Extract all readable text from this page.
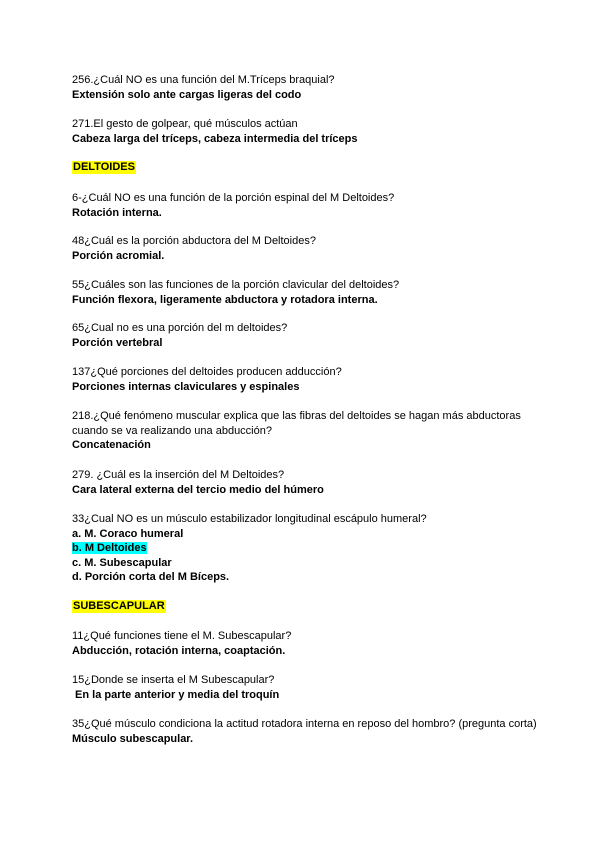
256.¿Cuál NO es una función del M.Tríceps braquial?
Extensión solo ante cargas ligeras del codo
271.El gesto de golpear, qué músculos actúan
Cabeza larga del tríceps, cabeza intermedia del tríceps
DELTOIDES
6-¿Cuál NO es una función de la porción espinal del M Deltoides?
Rotación interna.
48¿Cuál es la porción abductora del M Deltoides?
Porción acromial.
55¿Cuáles son las funciones de la porción clavicular del deltoides?
Función flexora, ligeramente abductora y rotadora interna.
65¿Cual no es una porción del m deltoides?
Porción vertebral
137¿Qué porciones del deltoides producen adducción?
Porciones internas claviculares y espinales
218.¿Qué fenómeno muscular explica que las fibras del deltoides se hagan más abductoras cuando se va realizando una abducción?
Concatenación
279. ¿Cuál es la inserción del M Deltoides?
Cara lateral externa del tercio medio del húmero
33¿Cual NO es un músculo estabilizador longitudinal escápulo humeral?
a. M. Coraco humeral
b. M Deltoides
c. M. Subescapular
d. Porción corta del M Bíceps.
SUBESCAPULAR
11¿Qué funciones tiene el M. Subescapular?
Abducción, rotación interna, coaptación.
15¿Donde se inserta el M Subescapular?
En la parte anterior y media del troquín
35¿Qué músculo condiciona la actitud rotadora interna en reposo del hombro? (pregunta corta)
Músculo subescapular.
